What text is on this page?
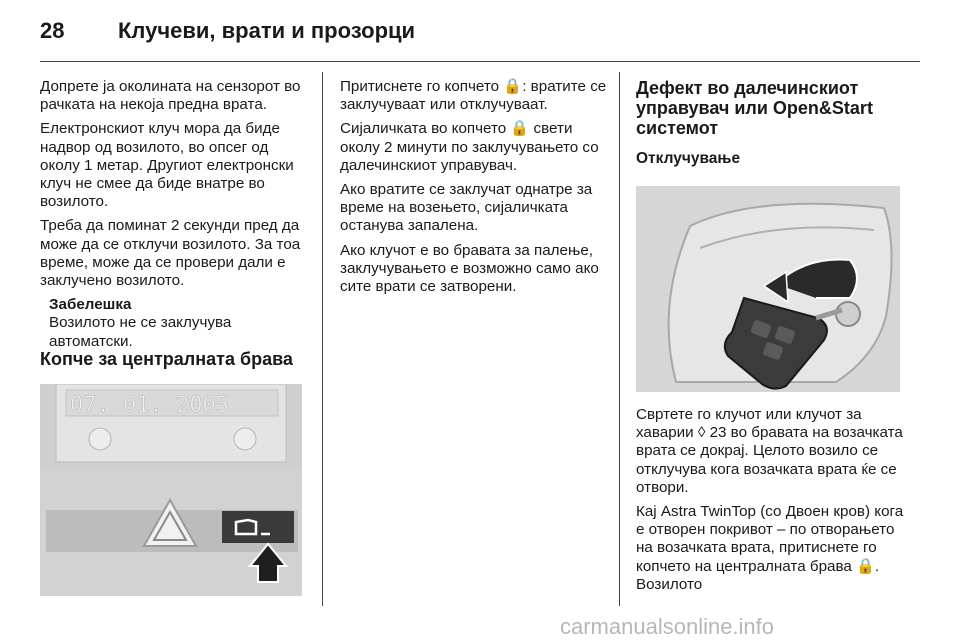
28 Клучеви, врати и прозорци

Допрете ја околината на сензорот во рачката на некоја предна врата.

Електронскиот клуч мора да биде надвор од возилото, во опсег од околу 1 метар. Другиот електронски клуч не смее да биде внатре во возилото.

Треба да поминат 2 секунди пред да може да се отклучи возилото. За тоа време, може да се провери дали е заклучено возилото.

Забелешка
Возилото не се заклучува автоматски.
Копче за централната брава
07. 01. 2005

Притиснете го копчето 🔒: вратите се заклучуваат или отклучуваат.

Сијаличката во копчето 🔒 свети околу 2 минути по заклучувањето со далечинскиот управувач.

Ако вратите се заклучат однатре за време на возењето, сијаличката останува запалена.

Ако клучот е во бравата за палење, заклучувањето е возможно само ако сите врати се затворени.

Дефект во далечинскиот управувач или Open&Start системот
Отклучување

Свртете го клучот или клучот за хаварии ◊ 23 во бравата на возачката врата се докрај. Целото возило се отклучува кога возачката врата ќе се отвори.

Кај Astra TwinTop (со Двоен кров) кога е отворен покривот – по отворањето на возачката врата, притиснете го копчето на централната брава 🔒. Возилото

carmanualsonline.info
